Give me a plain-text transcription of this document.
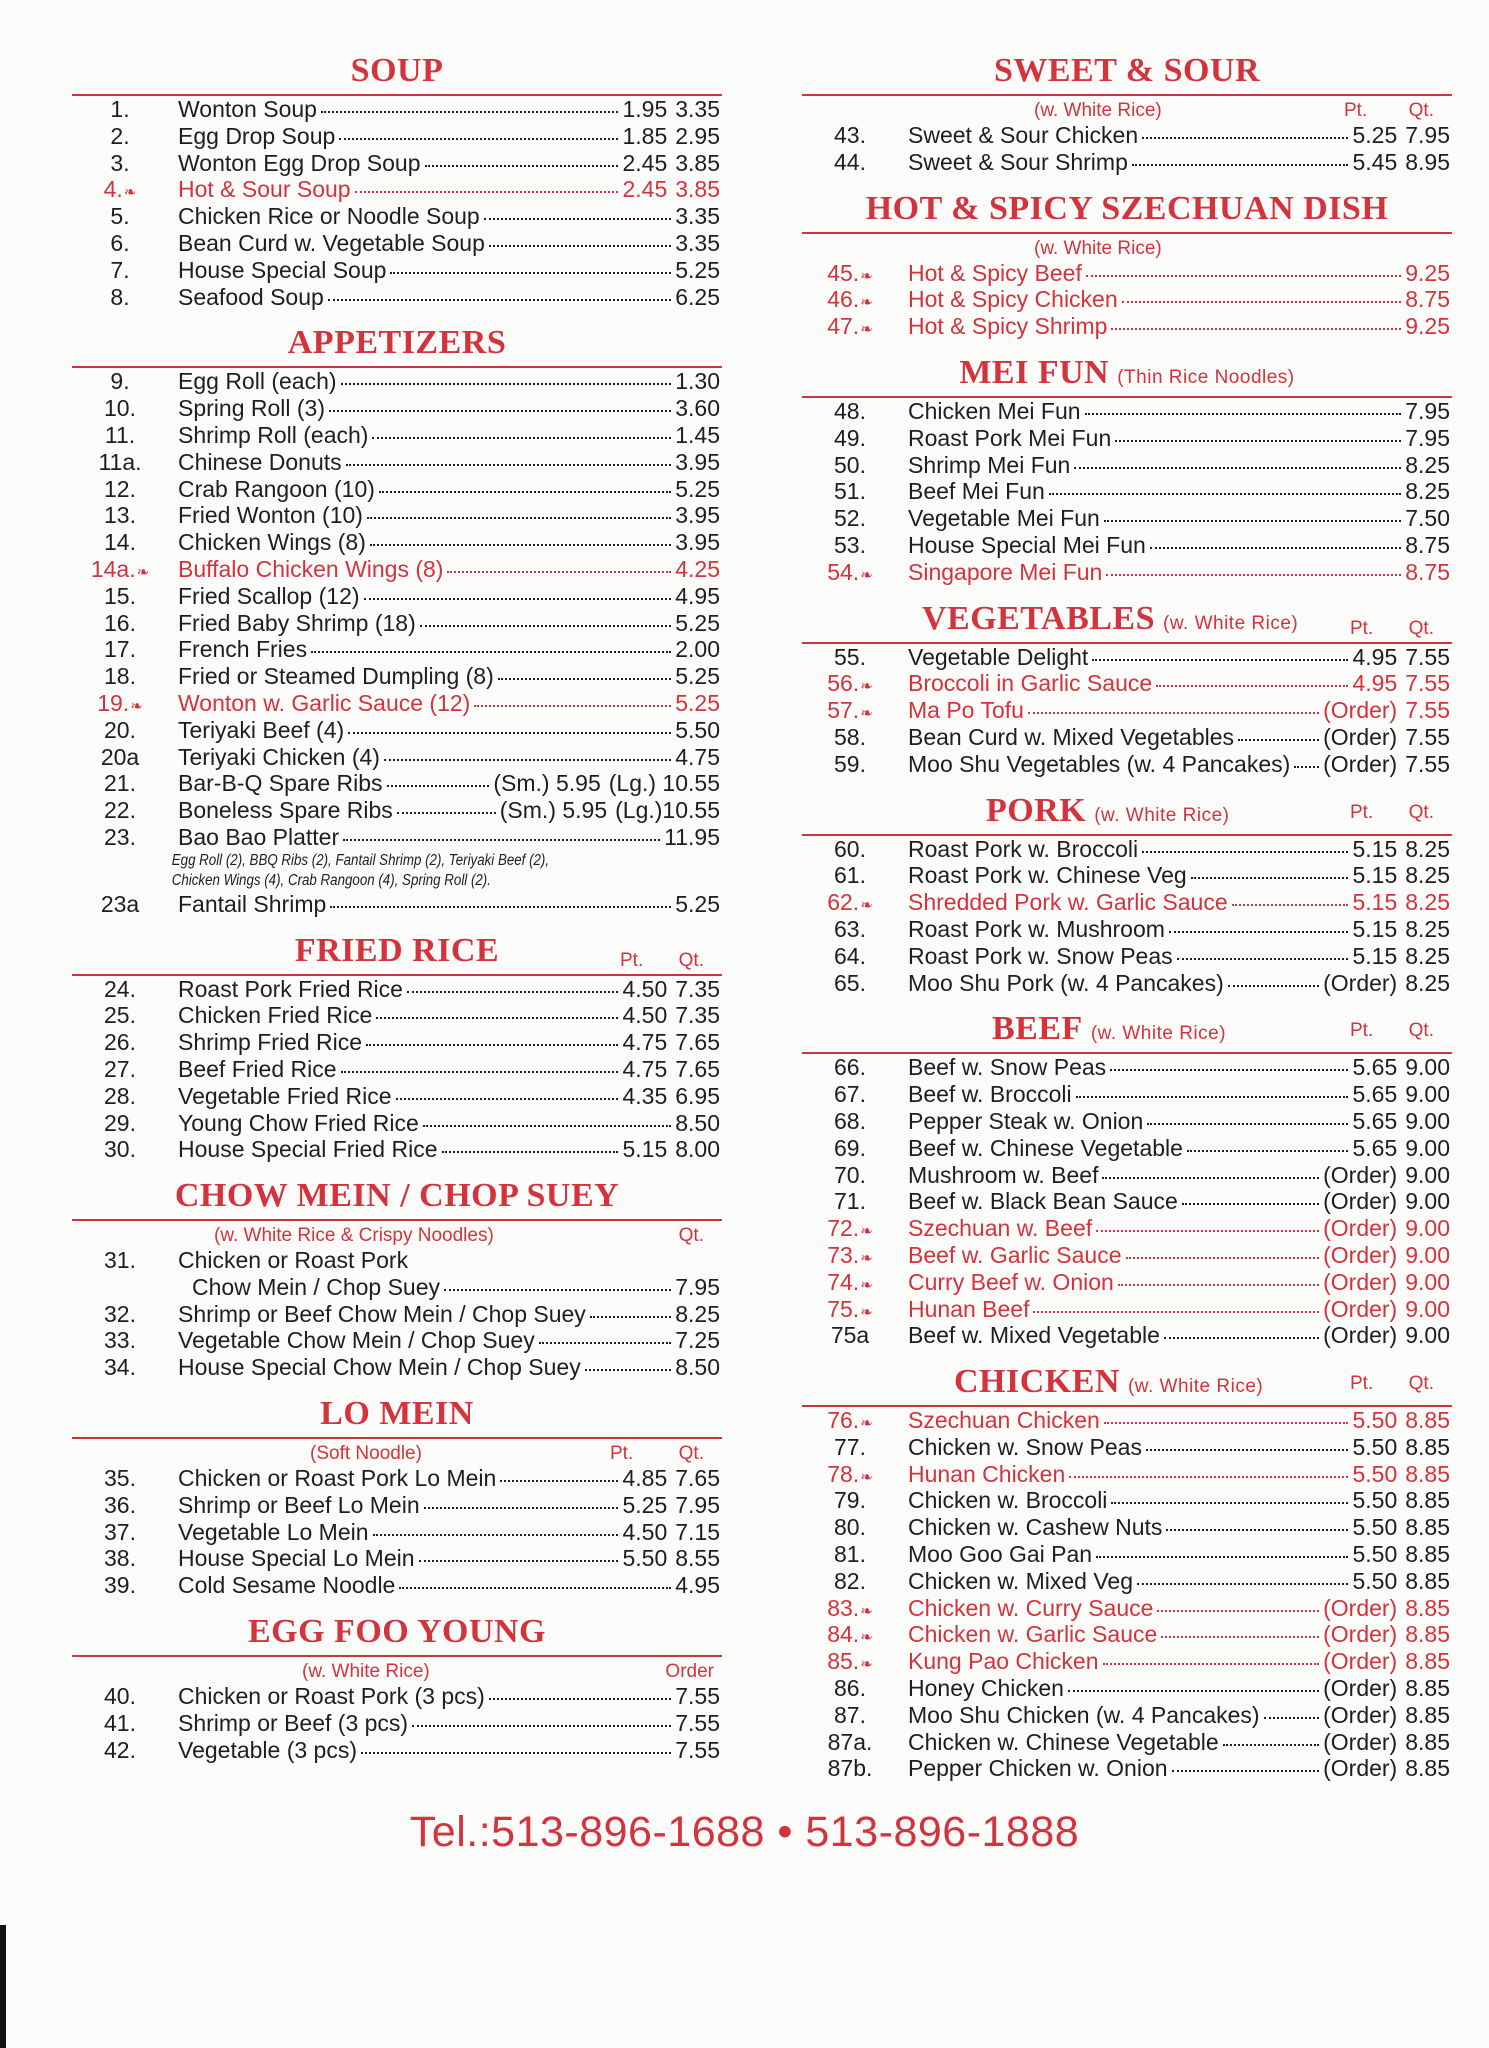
SOUP
1.	Wonton Soup	1.95 3.35
2.	Egg Drop Soup	1.85 2.95
3.	Wonton Egg Drop Soup	2.45 3.85
4.❧	Hot & Sour Soup	2.45 3.85
5.	Chicken Rice or Noodle Soup	3.35
6.	Bean Curd w. Vegetable Soup	3.35
7.	House Special Soup	5.25
8.	Seafood Soup	6.25
APPETIZERS
9.	Egg Roll (each)	1.30
10.	Spring Roll (3)	3.60
11.	Shrimp Roll (each)	1.45
11a.	Chinese Donuts	3.95
12.	Crab Rangoon (10)	5.25
13.	Fried Wonton (10)	3.95
14.	Chicken Wings (8)	3.95
14a.❧	Buffalo Chicken Wings (8)	4.25
15.	Fried Scallop (12)	4.95
16.	Fried Baby Shrimp (18)	5.25
17.	French Fries	2.00
18.	Fried or Steamed Dumpling (8)	5.25
19.❧	Wonton w. Garlic Sauce (12)	5.25
20.	Teriyaki Beef (4)	5.50
20a	Teriyaki Chicken (4)	4.75
21.	Bar-B-Q Spare Ribs	(Sm.) 5.95 (Lg.) 10.55
22.	Boneless Spare Ribs	(Sm.) 5.95 (Lg.)10.55
23.	Bao Bao Platter	11.95
Egg Roll (2), BBQ Ribs (2), Fantail Shrimp (2), Teriyaki Beef (2),
Chicken Wings (4), Crab Rangoon (4), Spring Roll (2).
23a	Fantail Shrimp	5.25
FRIED RICE	Pt. Qt.
24.	Roast Pork Fried Rice	4.50 7.35
25.	Chicken Fried Rice	4.50 7.35
26.	Shrimp Fried Rice	4.75 7.65
27.	Beef Fried Rice	4.75 7.65
28.	Vegetable Fried Rice	4.35 6.95
29.	Young Chow Fried Rice	8.50
30.	House Special Fried Rice	5.15 8.00
CHOW MEIN / CHOP SUEY
(w. White Rice & Crispy Noodles)	Qt.
31.	Chicken or Roast Pork
Chow Mein / Chop Suey	7.95
32.	Shrimp or Beef Chow Mein / Chop Suey	8.25
33.	Vegetable Chow Mein / Chop Suey	7.25
34.	House Special Chow Mein / Chop Suey	8.50
LO MEIN
(Soft Noodle)	Pt. Qt.
35.	Chicken or Roast Pork Lo Mein	4.85 7.65
36.	Shrimp or Beef Lo Mein	5.25 7.95
37.	Vegetable Lo Mein	4.50 7.15
38.	House Special Lo Mein	5.50 8.55
39.	Cold Sesame Noodle	4.95
EGG FOO YOUNG
(w. White Rice)	Order
40.	Chicken or Roast Pork (3 pcs)	7.55
41.	Shrimp or Beef (3 pcs)	7.55
42.	Vegetable (3 pcs)	7.55
SWEET & SOUR
(w. White Rice)	Pt. Qt.
43.	Sweet & Sour Chicken	5.25 7.95
44.	Sweet & Sour Shrimp	5.45 8.95
HOT & SPICY SZECHUAN DISH
(w. White Rice)
45.❧	Hot & Spicy Beef	9.25
46.❧	Hot & Spicy Chicken	8.75
47.❧	Hot & Spicy Shrimp	9.25
MEI FUN (Thin Rice Noodles)
48.	Chicken Mei Fun	7.95
49.	Roast Pork Mei Fun	7.95
50.	Shrimp Mei Fun	8.25
51.	Beef Mei Fun	8.25
52.	Vegetable Mei Fun	7.50
53.	House Special Mei Fun	8.75
54.❧	Singapore Mei Fun	8.75
VEGETABLES (w. White Rice)	Pt. Qt.
55.	Vegetable Delight	4.95 7.55
56.❧	Broccoli in Garlic Sauce	4.95 7.55
57.❧	Ma Po Tofu	(Order) 7.55
58.	Bean Curd w. Mixed Vegetables	(Order) 7.55
59.	Moo Shu Vegetables (w. 4 Pancakes) (Order) 7.55
PORK (w. White Rice)	Pt. Qt.
60.	Roast Pork w. Broccoli	5.15 8.25
61.	Roast Pork w. Chinese Veg	5.15 8.25
62.❧	Shredded Pork w. Garlic Sauce	5.15 8.25
63.	Roast Pork w. Mushroom	5.15 8.25
64.	Roast Pork w. Snow Peas	5.15 8.25
65.	Moo Shu Pork (w. 4 Pancakes)	(Order) 8.25
BEEF (w. White Rice)	Pt. Qt.
66.	Beef w. Snow Peas	5.65 9.00
67.	Beef w. Broccoli	5.65 9.00
68.	Pepper Steak w. Onion	5.65 9.00
69.	Beef w. Chinese Vegetable	5.65 9.00
70.	Mushroom w. Beef	(Order) 9.00
71.	Beef w. Black Bean Sauce	(Order) 9.00
72.❧	Szechuan w. Beef	(Order) 9.00
73.❧	Beef w. Garlic Sauce	(Order) 9.00
74.❧	Curry Beef w. Onion	(Order) 9.00
75.❧	Hunan Beef	(Order) 9.00
75a	Beef w. Mixed Vegetable	(Order) 9.00
CHICKEN (w. White Rice)	Pt. Qt.
76.❧	Szechuan Chicken	5.50 8.85
77.	Chicken w. Snow Peas	5.50 8.85
78.❧	Hunan Chicken	5.50 8.85
79.	Chicken w. Broccoli	5.50 8.85
80.	Chicken w. Cashew Nuts	5.50 8.85
81.	Moo Goo Gai Pan	5.50 8.85
82.	Chicken w. Mixed Veg	5.50 8.85
83.❧	Chicken w. Curry Sauce	(Order) 8.85
84.❧	Chicken w. Garlic Sauce	(Order) 8.85
85.❧	Kung Pao Chicken	(Order) 8.85
86.	Honey Chicken	(Order) 8.85
87.	Moo Shu Chicken (w. 4 Pancakes)	(Order) 8.85
87a.	Chicken w. Chinese Vegetable	(Order) 8.85
87b.	Pepper Chicken w. Onion	(Order) 8.85
Tel.:513-896-1688 • 513-896-1888
